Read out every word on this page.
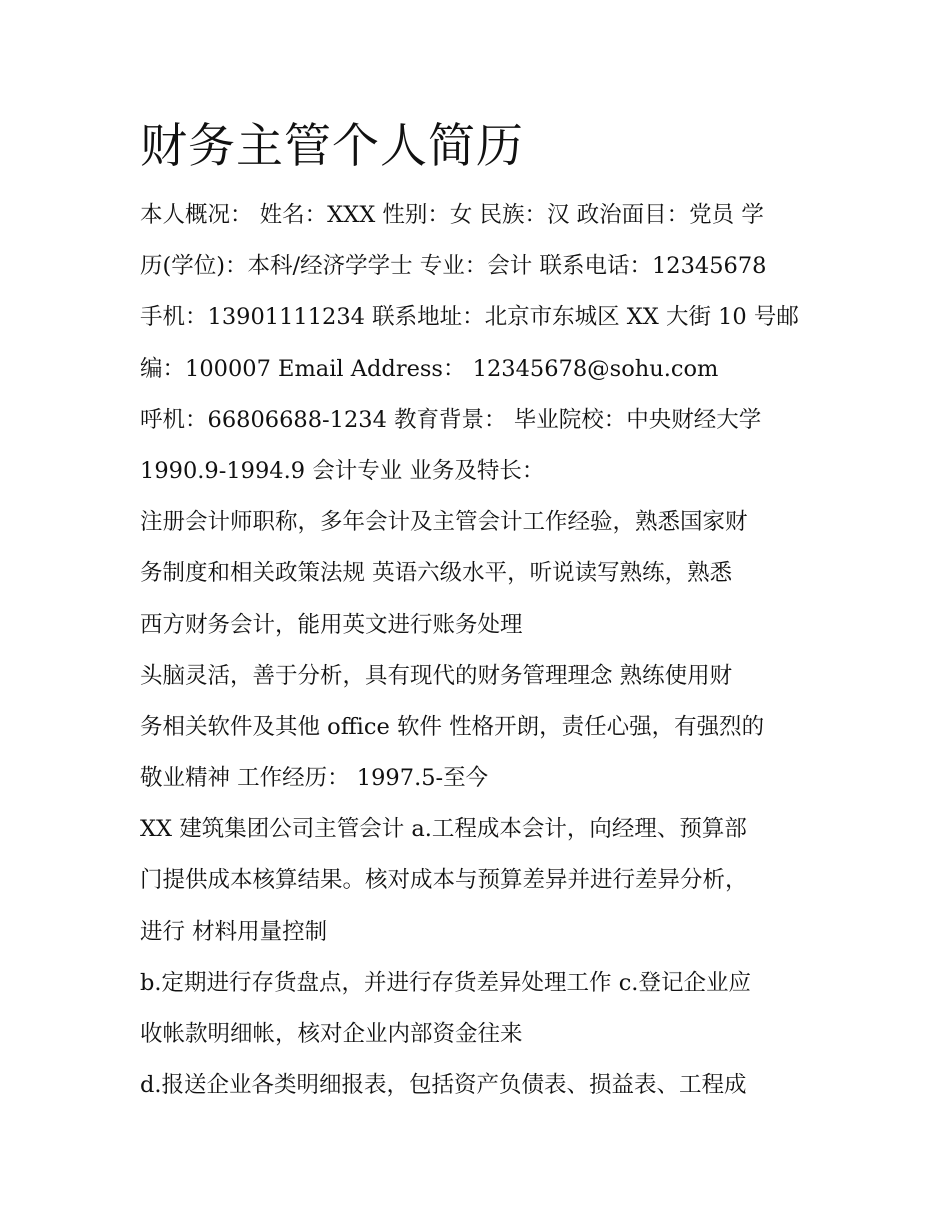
财务主管个人简历
本人概况： 姓名：XXX 性别：女 民族：汉 政治面目：党员 学
历(学位)：本科/经济学学士 专业：会计 联系电话：12345678
手机：13901111234 联系地址：北京市东城区 XX 大街 10 号邮
编：100007 Email Address： 12345678@sohu.com
呼机：66806688-1234 教育背景： 毕业院校：中央财经大学
1990.9-1994.9 会计专业 业务及特长：
注册会计师职称，多年会计及主管会计工作经验，熟悉国家财
务制度和相关政策法规 英语六级水平，听说读写熟练，熟悉
西方财务会计，能用英文进行账务处理
头脑灵活，善于分析，具有现代的财务管理理念 熟练使用财
务相关软件及其他 office 软件 性格开朗，责任心强，有强烈的
敬业精神 工作经历： 1997.5-至今
XX 建筑集团公司主管会计 a.工程成本会计，向经理、预算部
门提供成本核算结果。核对成本与预算差异并进行差异分析，
进行 材料用量控制
b.定期进行存货盘点，并进行存货差异处理工作 c.登记企业应
收帐款明细帐，核对企业内部资金往来
d.报送企业各类明细报表，包括资产负债表、损益表、工程成
